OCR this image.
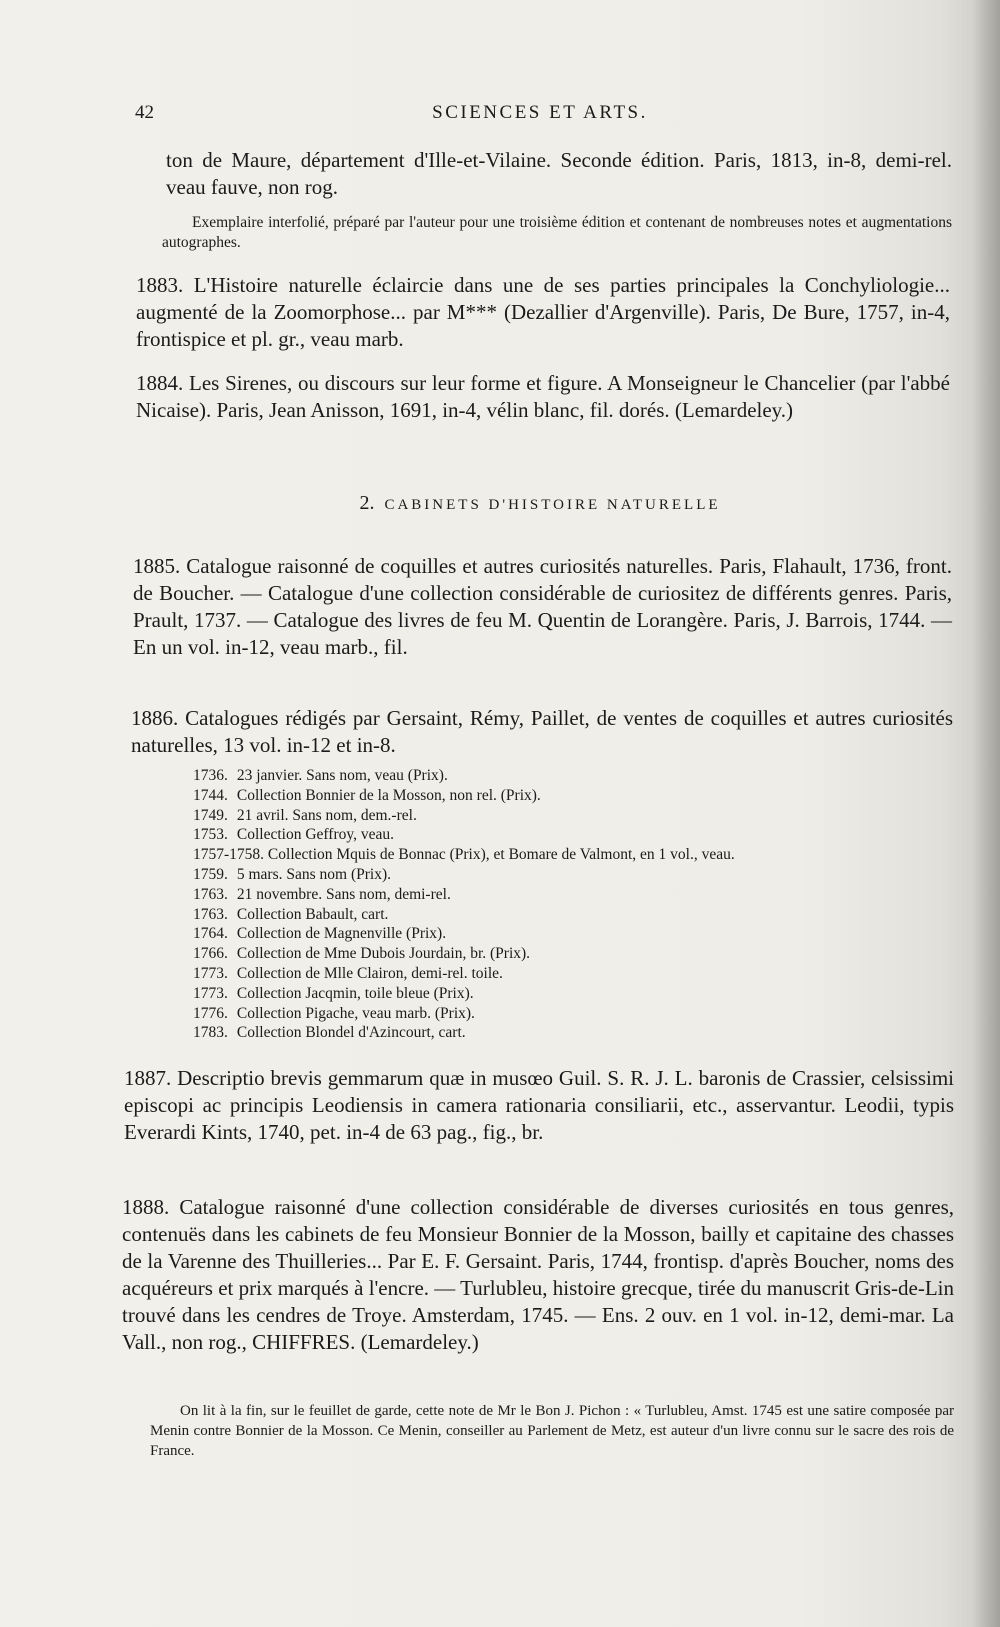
42	SCIENCES ET ARTS.
ton de Maure, département d'Ille-et-Vilaine. Seconde édition. Paris, 1813, in-8, demi-rel. veau fauve, non rog.
Exemplaire interfolié, préparé par l'auteur pour une troisième édition et contenant de nombreuses notes et augmentations autographes.
1883. L'Histoire naturelle éclaircie dans une de ses parties principales la Conchyliologie... augmenté de la Zoomorphose... par M*** (Dezallier d'Argenville). Paris, De Bure, 1757, in-4, frontispice et pl. gr., veau marb.
1884. Les Sirenes, ou discours sur leur forme et figure. A Monseigneur le Chancelier (par l'abbé Nicaise). Paris, Jean Anisson, 1691, in-4, vélin blanc, fil. dorés. (Lemardeley.)
2. CABINETS D'HISTOIRE NATURELLE
1885. Catalogue raisonné de coquilles et autres curiosités naturelles. Paris, Flahault, 1736, front. de Boucher. — Catalogue d'une collection considérable de curiositez de différents genres. Paris, Prault, 1737. — Catalogue des livres de feu M. Quentin de Lorangère. Paris, J. Barrois, 1744. — En un vol. in-12, veau marb., fil.
1886. Catalogues rédigés par Gersaint, Rémy, Paillet, de ventes de coquilles et autres curiosités naturelles, 13 vol. in-12 et in-8.
1736. 23 janvier. Sans nom, veau (Prix).
1744. Collection Bonnier de la Mosson, non rel. (Prix).
1749. 21 avril. Sans nom, dem.-rel.
1753. Collection Geffroy, veau.
1757-1758. Collection Mquis de Bonnac (Prix), et Bomare de Valmont, en 1 vol., veau.
1759. 5 mars. Sans nom (Prix).
1763. 21 novembre. Sans nom, demi-rel.
1763. Collection Babault, cart.
1764. Collection de Magnenville (Prix).
1766. Collection de Mme Dubois Jourdain, br. (Prix).
1773. Collection de Mlle Clairon, demi-rel. toile.
1773. Collection Jacqmin, toile bleue (Prix).
1776. Collection Pigache, veau marb. (Prix).
1783. Collection Blondel d'Azincourt, cart.
1887. Descriptio brevis gemmarum quæ in musœo Guil. S. R. J. L. baronis de Crassier, celsissimi episcopi ac principis Leodiensis in camera rationaria consiliarii, etc., asservantur. Leodii, typis Everardi Kints, 1740, pet. in-4 de 63 pag., fig., br.
1888. Catalogue raisonné d'une collection considérable de diverses curiosités en tous genres, contenuës dans les cabinets de feu Monsieur Bonnier de la Mosson, bailly et capitaine des chasses de la Varenne des Thuilleries... Par E. F. Gersaint. Paris, 1744, frontisp. d'après Boucher, noms des acquéreurs et prix marqués à l'encre. — Turlubleu, histoire grecque, tirée du manuscrit Gris-de-Lin trouvé dans les cendres de Troye. Amsterdam, 1745. — Ens. 2 ouv. en 1 vol. in-12, demi-mar. La Vall., non rog., CHIFFRES. (Lemardeley.)
On lit à la fin, sur le feuillet de garde, cette note de Mr le Bon J. Pichon : « Turlubleu, Amst. 1745 est une satire composée par Menin contre Bonnier de la Mosson. Ce Menin, conseiller au Parlement de Metz, est auteur d'un livre connu sur le sacre des rois de France.
